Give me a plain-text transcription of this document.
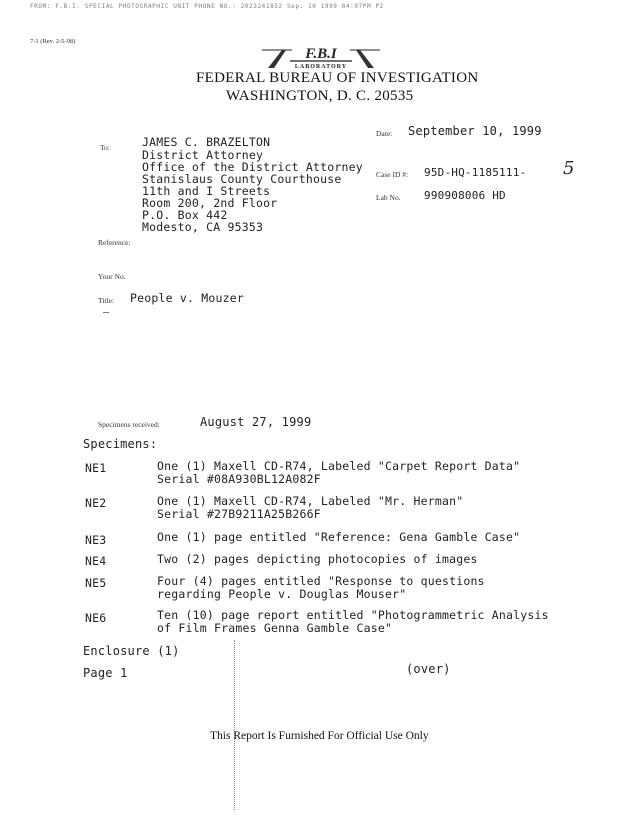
FROM: F.B.I. SPECIAL PHOTOGRAPHIC UNIT PHONE NO.: 2023241852 Sep. 10 1999 04:07PM P2
7-1 (Rev. 2-5-98)
F.B.I
LABORATORY
FEDERAL BUREAU OF INVESTIGATION
WASHINGTON, D. C. 20535
To:	JAMES C. BRAZELTON
District Attorney
Office of the District Attorney
Stanislaus County Courthouse
11th and I Streets
Room 200, 2nd Floor
P.O. Box 442
Modesto, CA 95353
Date: September 10, 1999
Case ID #: 95D-HQ-1185111- 5
Lab No. 990908006 HD
Reference:
Your No.
Title: People v. Mouzer
Specimens received:	August 27, 1999
Specimens:
NE1	One (1) Maxell CD-R74, Labeled "Carpet Report Data"
Serial #08A930BL12A082F
NE2	One (1) Maxell CD-R74, Labeled "Mr. Herman"
Serial #27B9211A25B266F
NE3	One (1) page entitled "Reference: Gena Gamble Case"
NE4	Two (2) pages depicting photocopies of images
NE5	Four (4) pages entitled "Response to questions
regarding People v. Douglas Mouser"
NE6	Ten (10) page report entitled "Photogrammetric Analysis
of Film Frames Genna Gamble Case"
Enclosure (1)
Page 1	(over)
This Report Is Furnished For Official Use Only
